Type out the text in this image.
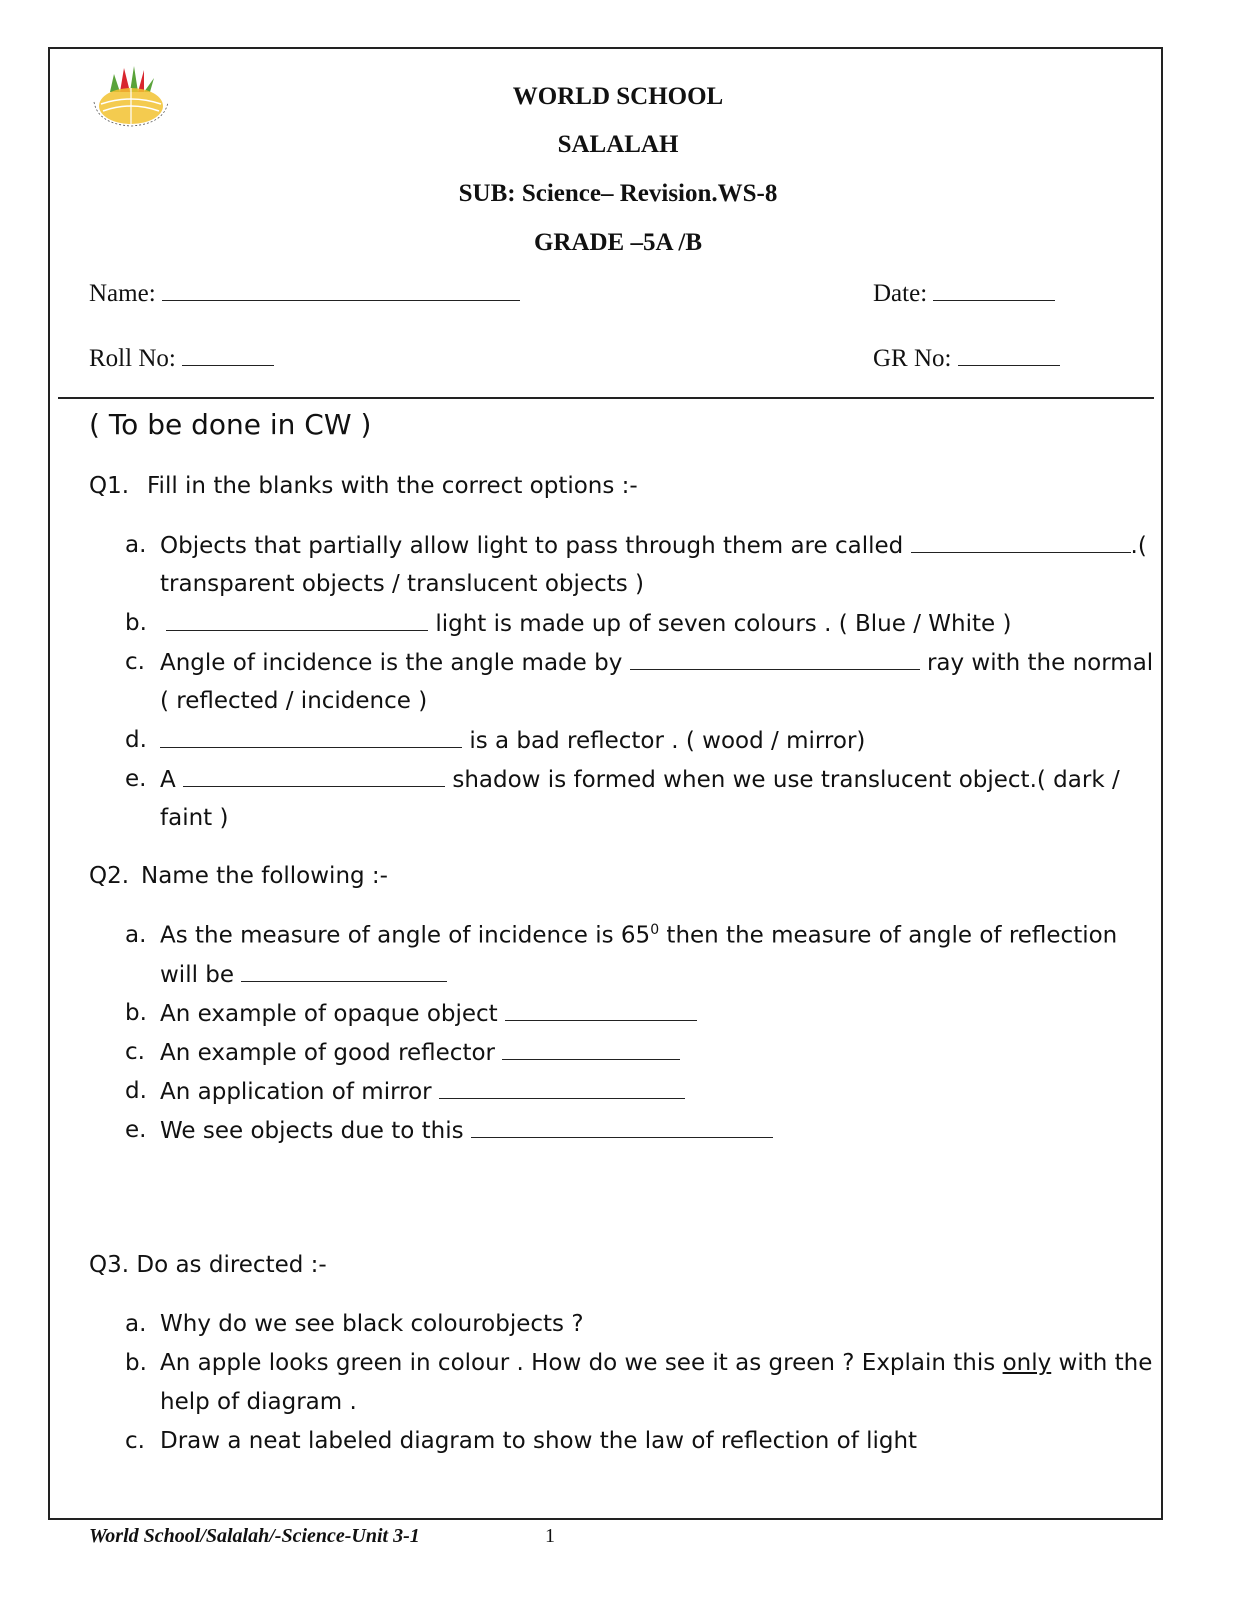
WORLD SCHOOL
SALALAH
SUB: Science– Revision.WS-8
GRADE –5A /B
Name:	Date:
Roll No:	GR No:
( To be done in CW )
Q1. Fill in the blanks with the correct options :-
a. Objects that partially allow light to pass through them are called	.(
transparent objects / translucent objects )
b.	light is made up of seven colours . ( Blue / White )
c. Angle of incidence is the angle made by	ray with the normal
( reflected / incidence )
d.	is a bad reflector . ( wood / mirror)
e. A	shadow is formed when we use translucent object.( dark /
faint )
Q2. Name the following :-
a. As the measure of angle of incidence is $65^0$ then the measure of angle of reflection
will be
b. An example of opaque object
c. An example of good reflector
d. An application of mirror
e. We see objects due to this
Q3. Do as directed :-
a. Why do we see black colourobjects ?
b. An apple looks green in colour . How do we see it as green ? Explain this only with the
help of diagram .
c. Draw a neat labeled diagram to show the law of reflection of light
World School/Salalah/-Science-Unit 3-1	1
